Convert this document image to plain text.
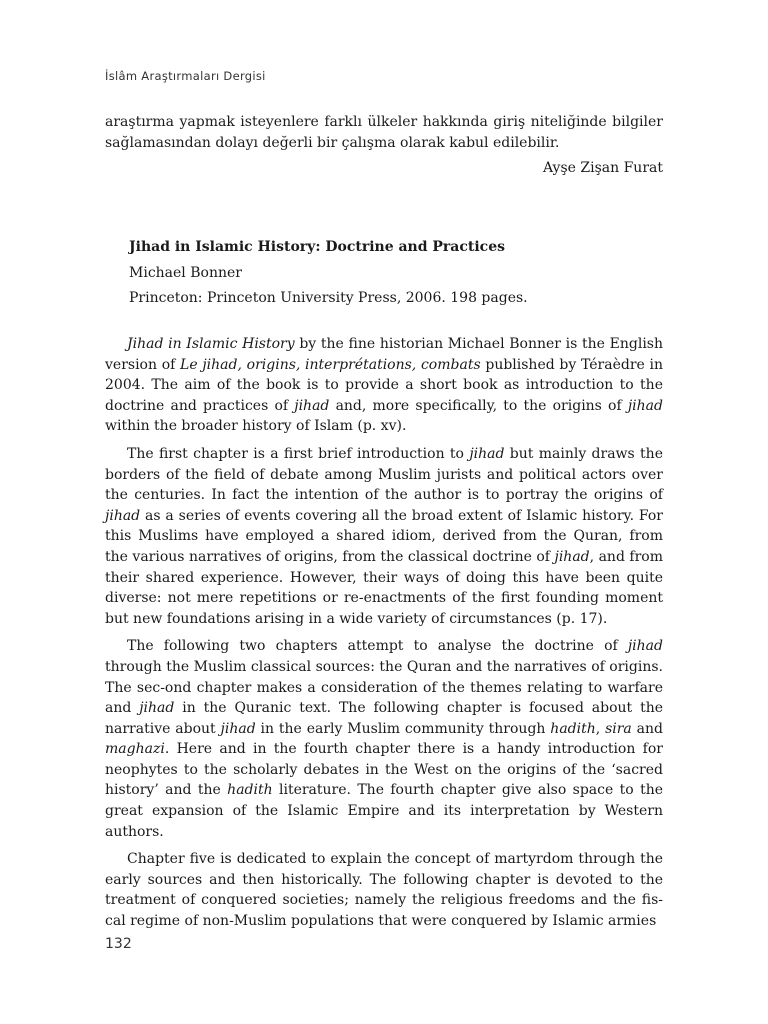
İslâm Araştırmaları Dergisi

araştırma yapmak isteyenlere farklı ülkeler hakkında giriş niteliğinde bilgiler sağlamasından dolayı değerli bir çalışma olarak kabul edilebilir.

Ayşe Zişan Furat
Jihad in Islamic History: Doctrine and Practices
Michael Bonner
Princeton: Princeton University Press, 2006. 198 pages.

Jihad in Islamic History by the fine historian Michael Bonner is the English version of Le jihad, origins, interprétations, combats published by Téraèdre in 2004. The aim of the book is to provide a short book as introduction to the doctrine and practices of jihad and, more specifically, to the origins of jihad within the broader history of Islam (p. xv).

The first chapter is a first brief introduction to jihad but mainly draws the borders of the field of debate among Muslim jurists and political actors over the centuries. In fact the intention of the author is to portray the origins of jihad as a series of events covering all the broad extent of Islamic history. For this Muslims have employed a shared idiom, derived from the Quran, from the various narratives of origins, from the classical doctrine of jihad, and from their shared experience. However, their ways of doing this have been quite diverse: not mere repetitions or re-enactments of the first founding moment but new foundations arising in a wide variety of circumstances (p. 17).

The following two chapters attempt to analyse the doctrine of jihad through the Muslim classical sources: the Quran and the narratives of origins. The sec-ond chapter makes a consideration of the themes relating to warfare and jihad in the Quranic text. The following chapter is focused about the narrative about jihad in the early Muslim community through hadith, sira and maghazi. Here and in the fourth chapter there is a handy introduction for neophytes to the scholarly debates in the West on the origins of the ‘sacred history’ and the hadith literature. The fourth chapter give also space to the great expansion of the Islamic Empire and its interpretation by Western authors.

Chapter five is dedicated to explain the concept of martyrdom through the early sources and then historically. The following chapter is devoted to the treatment of conquered societies; namely the religious freedoms and the fis-cal regime of non-Muslim populations that were conquered by Islamic armies

132
